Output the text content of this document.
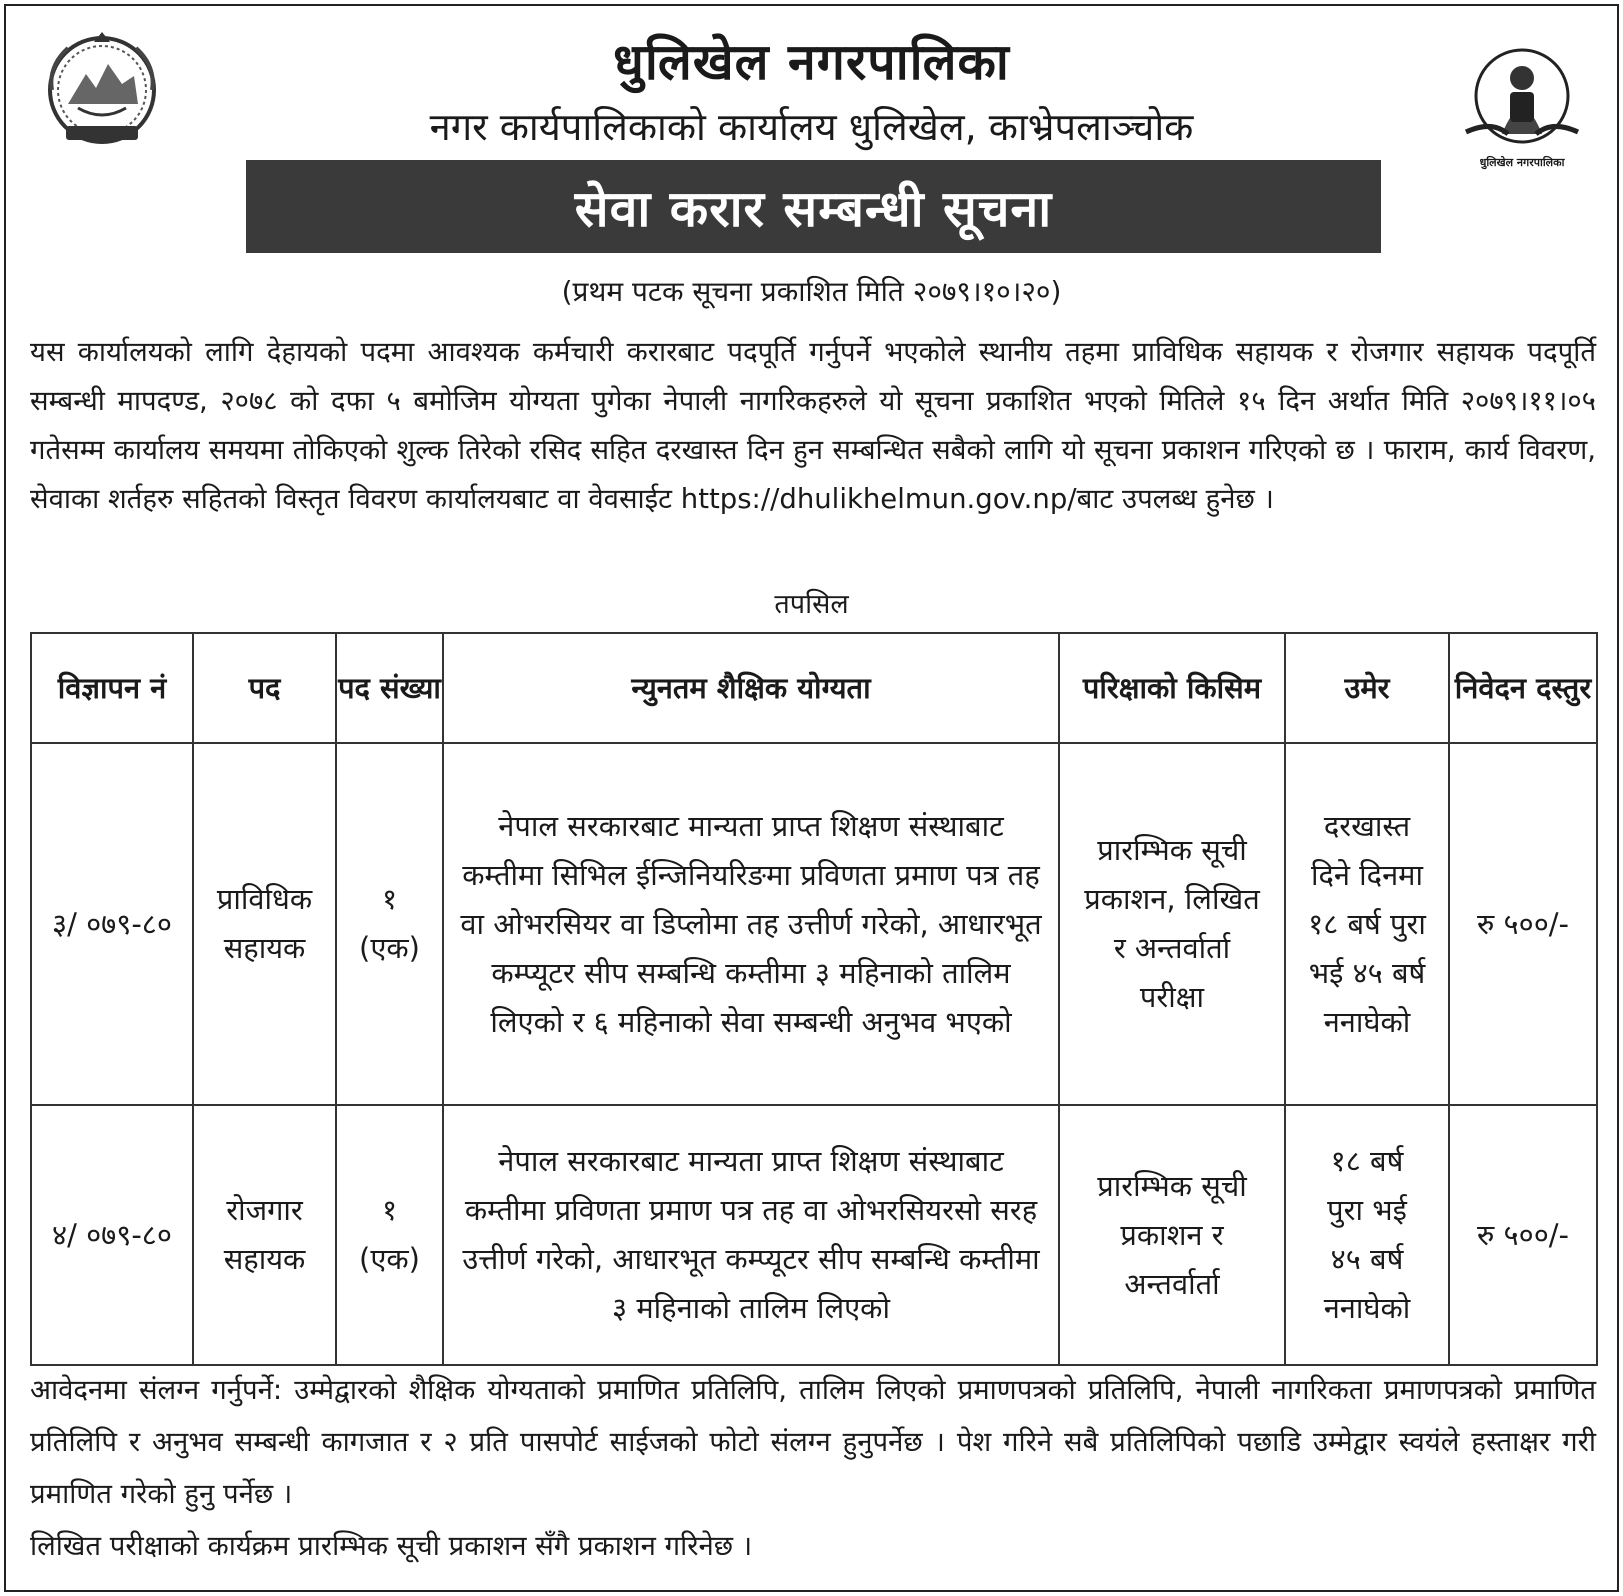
धुलिखेल नगरपालिका
धुलिखेल नगरपालिका
नगर कार्यपालिकाको कार्यालय धुलिखेल, काभ्रेपलाञ्चोक
सेवा करार सम्बन्धी सूचना
(प्रथम पटक सूचना प्रकाशित मिति २०७९।१०।२०)
यस कार्यालयको लागि देहायको पदमा आवश्यक कर्मचारी करारबाट पदपूर्ति गर्नुपर्ने भएकोले स्थानीय तहमा प्राविधिक सहायक र रोजगार सहायक पदपूर्ति सम्बन्धी मापदण्ड, २०७८ को दफा ५ बमोजिम योग्यता पुगेका नेपाली नागरिकहरुले यो सूचना प्रकाशित भएको मितिले १५ दिन अर्थात मिति २०७९।११।०५ गतेसम्म कार्यालय समयमा तोकिएको शुल्क तिरेको रसिद सहित दरखास्त दिन हुन सम्बन्धित सबैको लागि यो सूचना प्रकाशन गरिएको छ । फाराम, कार्य विवरण, सेवाका शर्तहरु सहितको विस्तृत विवरण कार्यालयबाट वा वेवसाईट https://dhulikhelmun.gov.np/बाट उपलब्ध हुनेछ ।
तपसिल
विज्ञापन नं	पद	पद संख्या	न्युनतम शैक्षिक योग्यता	परिक्षाको किसिम	उमेर	निवेदन दस्तुर
३/ ०७९-८०	प्राविधिक सहायक	१ (एक)	नेपाल सरकारबाट मान्यता प्राप्त शिक्षण संस्थाबाट कम्तीमा सिभिल ईन्जिनियरिङमा प्रविणता प्रमाण पत्र तह वा ओभरसियर वा डिप्लोमा तह उत्तीर्ण गरेको, आधारभूत कम्प्यूटर सीप सम्बन्धि कम्तीमा ३ महिनाको तालिम लिएको र ६ महिनाको सेवा सम्बन्धी अनुभव भएको	प्रारम्भिक सूची प्रकाशन, लिखित र अन्तर्वार्ता परीक्षा	दरखास्त दिने दिनमा १८ बर्ष पुरा भई ४५ बर्ष ननाघेको	रु ५००/-
४/ ०७९-८०	रोजगार सहायक	१ (एक)	नेपाल सरकारबाट मान्यता प्राप्त शिक्षण संस्थाबाट कम्तीमा प्रविणता प्रमाण पत्र तह वा ओभरसियरसो सरह उत्तीर्ण गरेको, आधारभूत कम्प्यूटर सीप सम्बन्धि कम्तीमा ३ महिनाको तालिम लिएको	प्रारम्भिक सूची प्रकाशन र अन्तर्वार्ता	१८ बर्ष पुरा भई ४५ बर्ष ननाघेको	रु ५००/-
आवेदनमा संलग्न गर्नुपर्ने: उम्मेद्वारको शैक्षिक योग्यताको प्रमाणित प्रतिलिपि, तालिम लिएको प्रमाणपत्रको प्रतिलिपि, नेपाली नागरिकता प्रमाणपत्रको प्रमाणित प्रतिलिपि र अनुभव सम्बन्धी कागजात र २ प्रति पासपोर्ट साईजको फोटो संलग्न हुनुपर्नेछ । पेश गरिने सबै प्रतिलिपिको पछाडि उम्मेद्वार स्वयंले हस्ताक्षर गरी प्रमाणित गरेको हुनु पर्नेछ ।
लिखित परीक्षाको कार्यक्रम प्रारम्भिक सूची प्रकाशन सँगै प्रकाशन गरिनेछ ।
